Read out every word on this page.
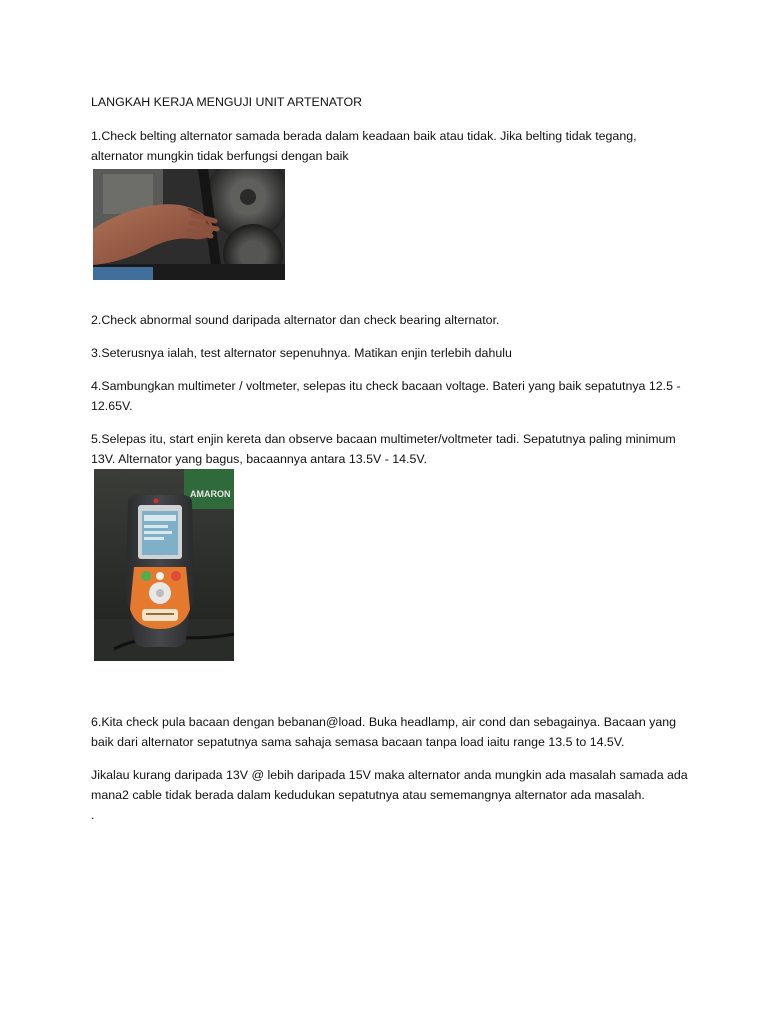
LANGKAH KERJA MENGUJI UNIT ARTENATOR

1.Check belting alternator samada berada dalam keadaan baik atau tidak. Jika belting tidak tegang, alternator mungkin tidak berfungsi dengan baik

2.Check abnormal sound daripada alternator dan check bearing alternator.

3.Seterusnya ialah, test alternator sepenuhnya. Matikan enjin terlebih dahulu

4.Sambungkan multimeter / voltmeter, selepas itu check bacaan voltage. Bateri yang baik sepatutnya 12.5 - 12.65V.

5.Selepas itu, start enjin kereta dan observe bacaan multimeter/voltmeter tadi. Sepatutnya paling minimum 13V. Alternator yang bagus, bacaannya antara 13.5V - 14.5V.

AMARON

6.Kita check pula bacaan dengan bebanan@load. Buka headlamp, air cond dan sebagainya. Bacaan yang baik dari alternator sepatutnya sama sahaja semasa bacaan tanpa load iaitu range 13.5 to 14.5V.

Jikalau kurang daripada 13V @ lebih daripada 15V maka alternator anda mungkin ada masalah samada ada mana2 cable tidak berada dalam kedudukan sepatutnya atau sememangnya alternator ada masalah.

.
